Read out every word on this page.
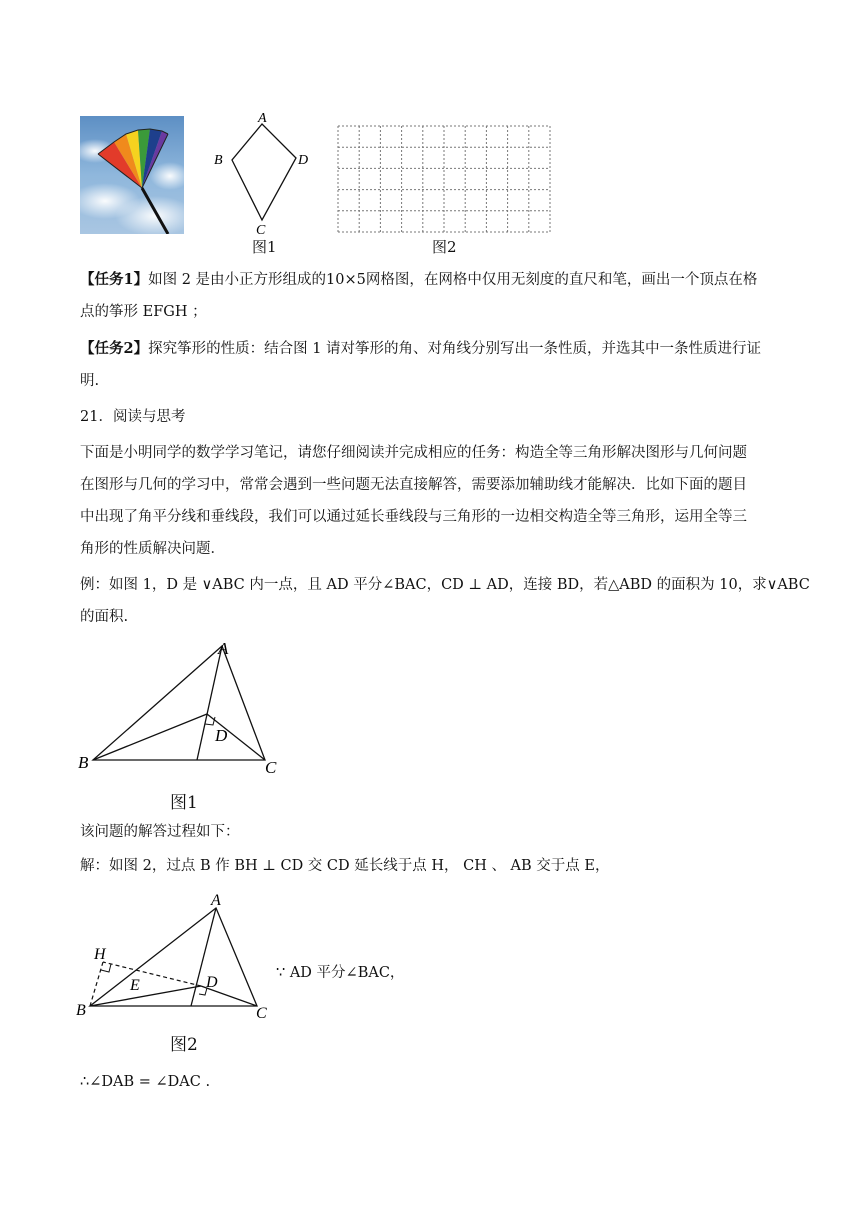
A
B
C
D
图1	图2
【任务1】如图 2 是由小正方形组成的10×5网格图，在网格中仅用无刻度的直尺和笔，画出一个顶点在格
点的筝形 EFGH ；
【任务2】探究筝形的性质：结合图 1 请对筝形的角、对角线分别写出一条性质，并选其中一条性质进行证
明.
21．阅读与思考
下面是小明同学的数学学习笔记，请您仔细阅读并完成相应的任务：构造全等三角形解决图形与几何问题
在图形与几何的学习中，常常会遇到一些问题无法直接解答，需要添加辅助线才能解决．比如下面的题目
中出现了角平分线和垂线段，我们可以通过延长垂线段与三角形的一边相交构造全等三角形，运用全等三
角形的性质解决问题．
例：如图 1，D 是 ∨ABC 内一点，且 AD 平分∠BAC，CD ⊥ AD，连接 BD，若△ABD 的面积为 10，求∨ABC
的面积.
A
B	C
D
图1
该问题的解答过程如下：
解：如图 2，过点 B 作 BH ⊥ CD 交 CD 延长线于点 H， CH 、 AB 交于点 E，
A
B	C
D
E
H
∵ AD 平分∠BAC，
图2
∴∠DAB = ∠DAC .
